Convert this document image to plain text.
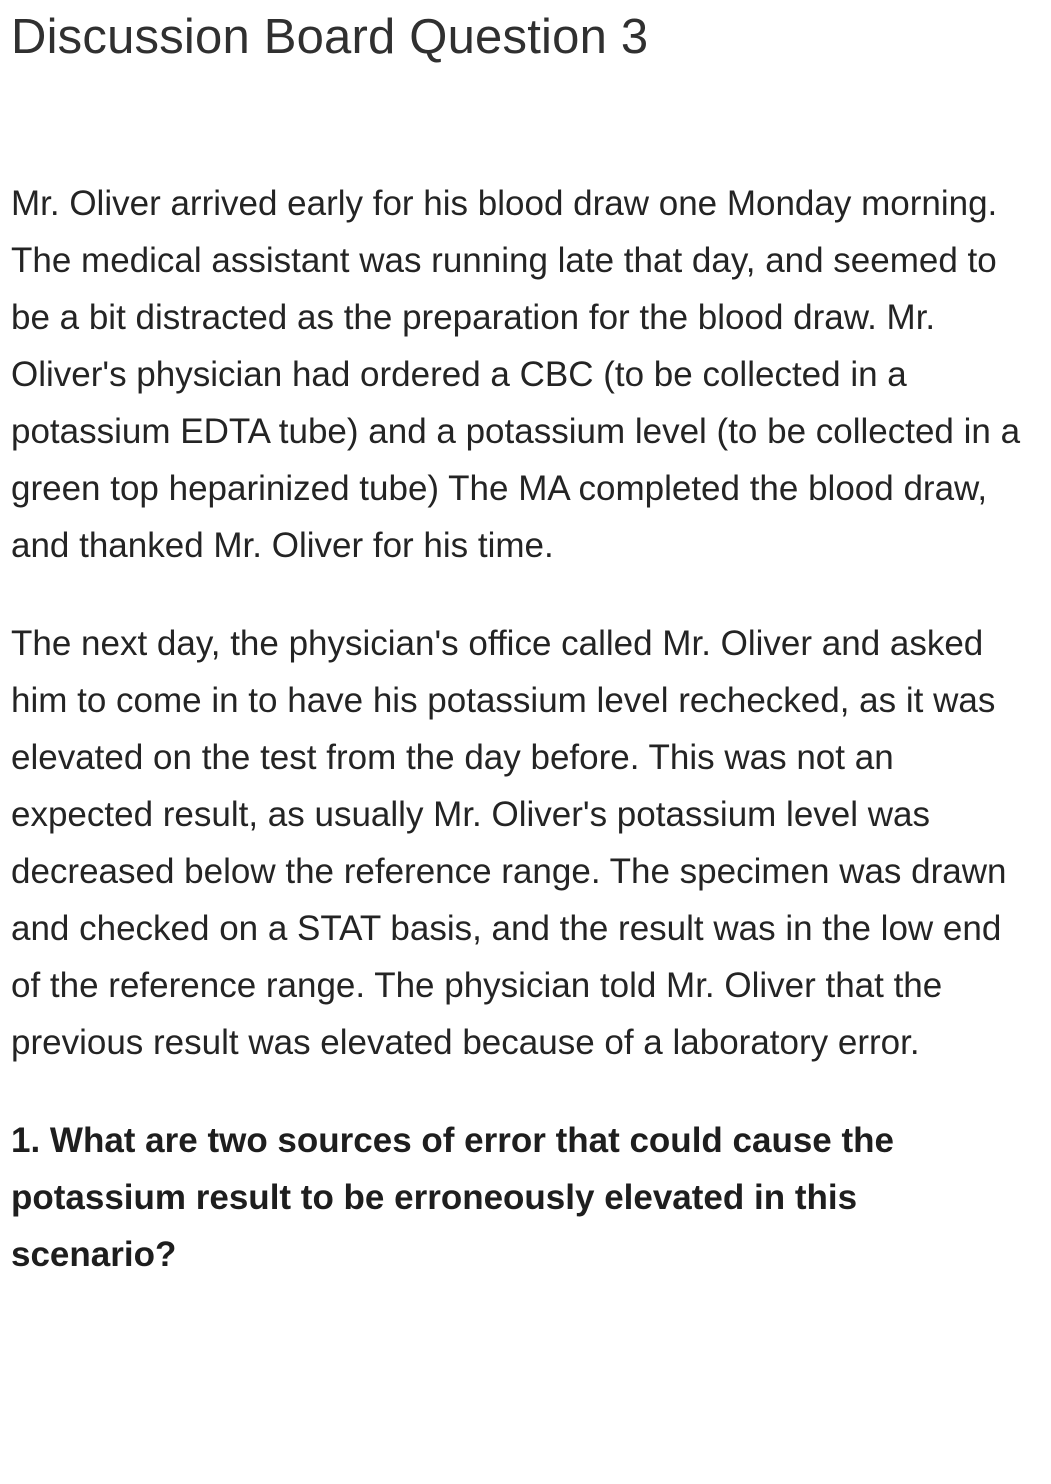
Discussion Board Question 3

Mr. Oliver arrived early for his blood draw one Monday morning. The medical assistant was running late that day, and seemed to be a bit distracted as the preparation for the blood draw. Mr. Oliver's physician had ordered a CBC (to be collected in a potassium EDTA tube) and a potassium level (to be collected in a green top heparinized tube) The MA completed the blood draw, and thanked Mr. Oliver for his time.

The next day, the physician's office called Mr. Oliver and asked him to come in to have his potassium level rechecked, as it was elevated on the test from the day before. This was not an expected result, as usually Mr. Oliver's potassium level was decreased below the reference range. The specimen was drawn and checked on a STAT basis, and the result was in the low end of the reference range. The physician told Mr. Oliver that the previous result was elevated because of a laboratory error.

1. What are two sources of error that could cause the potassium result to be erroneously elevated in this scenario?
